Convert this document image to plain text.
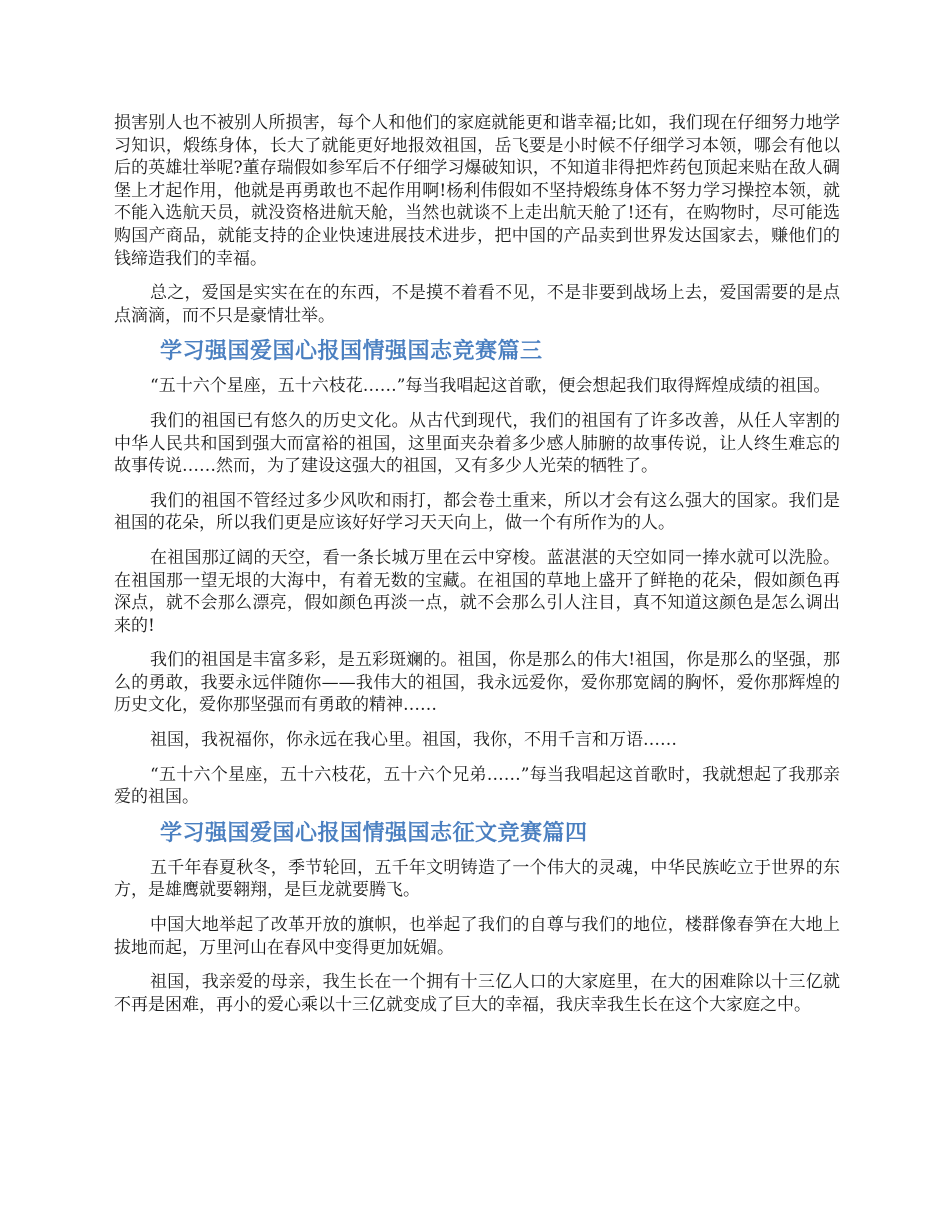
损害别人也不被别人所损害，每个人和他们的家庭就能更和谐幸福;比如，我们现在仔细努力地学习知识，煅练身体，长大了就能更好地报效祖国，岳飞要是小时候不仔细学习本领，哪会有他以后的英雄壮举呢?董存瑞假如参军后不仔细学习爆破知识，不知道非得把炸药包顶起来贴在敌人碉堡上才起作用，他就是再勇敢也不起作用啊!杨利伟假如不坚持煅练身体不努力学习操控本领，就不能入选航天员，就没资格进航天舱，当然也就谈不上走出航天舱了!还有，在购物时，尽可能选购国产商品，就能支持的企业快速进展技术进步，把中国的产品卖到世界发达国家去，赚他们的钱缔造我们的幸福。

总之，爱国是实实在在的东西，不是摸不着看不见，不是非要到战场上去，爱国需要的是点点滴滴，而不只是豪情壮举。

学习强国爱国心报国情强国志竞赛篇三

“五十六个星座，五十六枝花……”每当我唱起这首歌，便会想起我们取得辉煌成绩的祖国。

我们的祖国已有悠久的历史文化。从古代到现代，我们的祖国有了许多改善，从任人宰割的中华人民共和国到强大而富裕的祖国，这里面夹杂着多少感人肺腑的故事传说，让人终生难忘的故事传说……然而，为了建设这强大的祖国，又有多少人光荣的牺牲了。

我们的祖国不管经过多少风吹和雨打，都会卷土重来，所以才会有这么强大的国家。我们是祖国的花朵，所以我们更是应该好好学习天天向上，做一个有所作为的人。

在祖国那辽阔的天空，看一条长城万里在云中穿梭。蓝湛湛的天空如同一捧水就可以洗脸。在祖国那一望无垠的大海中，有着无数的宝藏。在祖国的草地上盛开了鲜艳的花朵，假如颜色再深点，就不会那么漂亮，假如颜色再淡一点，就不会那么引人注目，真不知道这颜色是怎么调出来的!

我们的祖国是丰富多彩，是五彩斑斓的。祖国，你是那么的伟大!祖国，你是那么的坚强，那么的勇敢，我要永远伴随你——我伟大的祖国，我永远爱你，爱你那宽阔的胸怀，爱你那辉煌的历史文化，爱你那坚强而有勇敢的精神……

祖国，我祝福你，你永远在我心里。祖国，我你，不用千言和万语……

“五十六个星座，五十六枝花，五十六个兄弟……”每当我唱起这首歌时，我就想起了我那亲爱的祖国。

学习强国爱国心报国情强国志征文竞赛篇四

五千年春夏秋冬，季节轮回，五千年文明铸造了一个伟大的灵魂，中华民族屹立于世界的东方，是雄鹰就要翱翔，是巨龙就要腾飞。

中国大地举起了改革开放的旗帜，也举起了我们的自尊与我们的地位，楼群像春笋在大地上拔地而起，万里河山在春风中变得更加妩媚。

祖国，我亲爱的母亲，我生长在一个拥有十三亿人口的大家庭里，在大的困难除以十三亿就不再是困难，再小的爱心乘以十三亿就变成了巨大的幸福，我庆幸我生长在这个大家庭之中。
